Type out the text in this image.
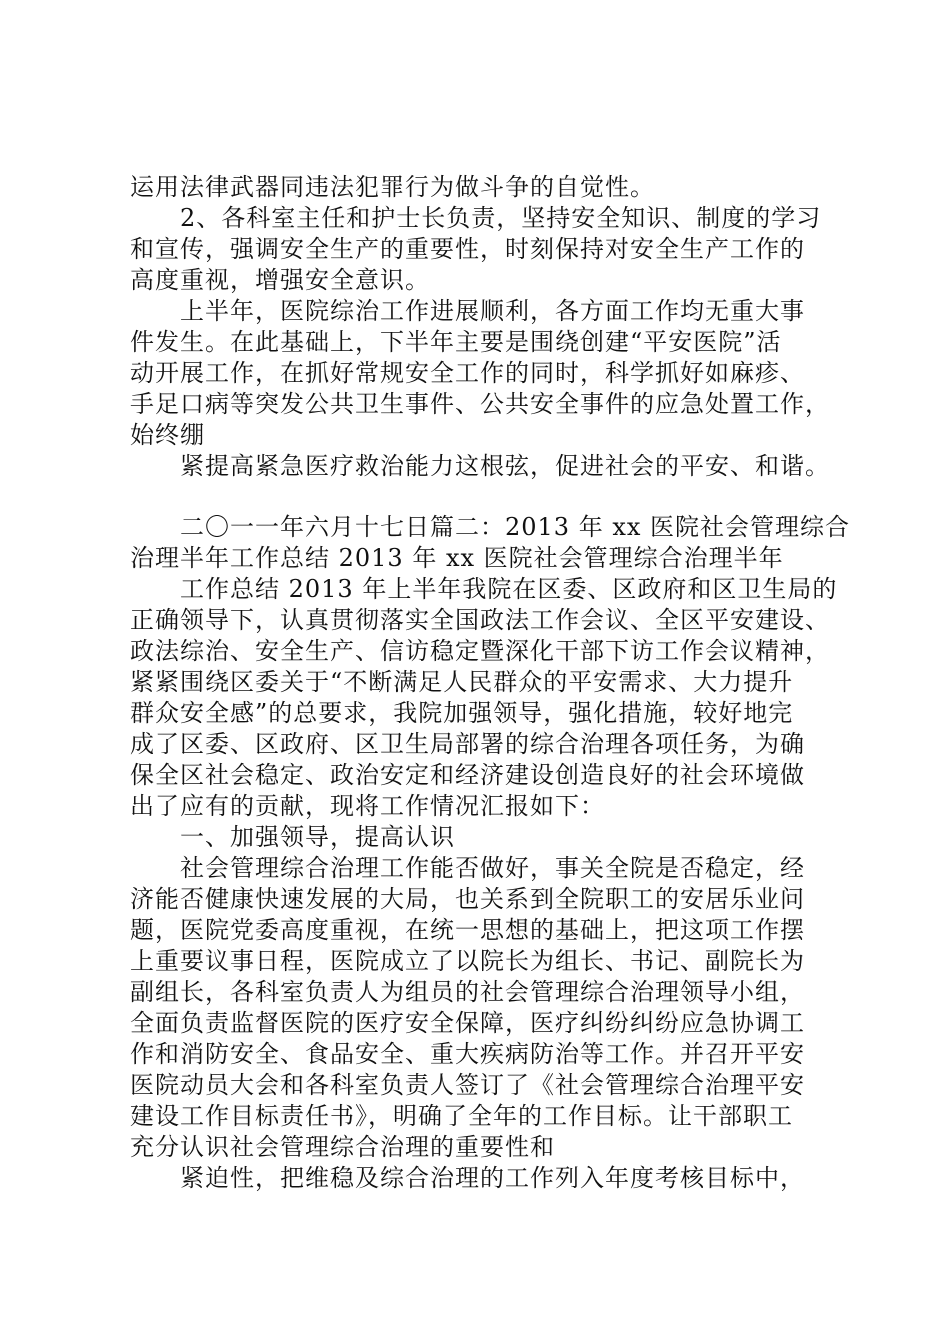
运用法律武器同违法犯罪行为做斗争的自觉性。
2、各科室主任和护士长负责，坚持安全知识、制度的学习
和宣传，强调安全生产的重要性，时刻保持对安全生产工作的
高度重视，增强安全意识。
上半年，医院综治工作进展顺利，各方面工作均无重大事
件发生。在此基础上，下半年主要是围绕创建“平安医院”活
动开展工作，在抓好常规安全工作的同时，科学抓好如麻疹、
手足口病等突发公共卫生事件、公共安全事件的应急处置工作，
始终绷
紧提高紧急医疗救治能力这根弦，促进社会的平安、和谐。
二〇一一年六月十七日篇二：2013 年 xx 医院社会管理综合
治理半年工作总结 2013 年 xx 医院社会管理综合治理半年
工作总结 2013 年上半年我院在区委、区政府和区卫生局的
正确领导下，认真贯彻落实全国政法工作会议、全区平安建设、
政法综治、安全生产、信访稳定暨深化干部下访工作会议精神，
紧紧围绕区委关于“不断满足人民群众的平安需求、大力提升
群众安全感”的总要求，我院加强领导，强化措施，较好地完
成了区委、区政府、区卫生局部署的综合治理各项任务，为确
保全区社会稳定、政治安定和经济建设创造良好的社会环境做
出了应有的贡献，现将工作情况汇报如下：
一、加强领导，提高认识
社会管理综合治理工作能否做好，事关全院是否稳定，经
济能否健康快速发展的大局，也关系到全院职工的安居乐业问
题，医院党委高度重视，在统一思想的基础上，把这项工作摆
上重要议事日程，医院成立了以院长为组长、书记、副院长为
副组长，各科室负责人为组员的社会管理综合治理领导小组，
全面负责监督医院的医疗安全保障，医疗纠纷纠纷应急协调工
作和消防安全、食品安全、重大疾病防治等工作。并召开平安
医院动员大会和各科室负责人签订了《社会管理综合治理平安
建设工作目标责任书》，明确了全年的工作目标。让干部职工
充分认识社会管理综合治理的重要性和
紧迫性，把维稳及综合治理的工作列入年度考核目标中，
